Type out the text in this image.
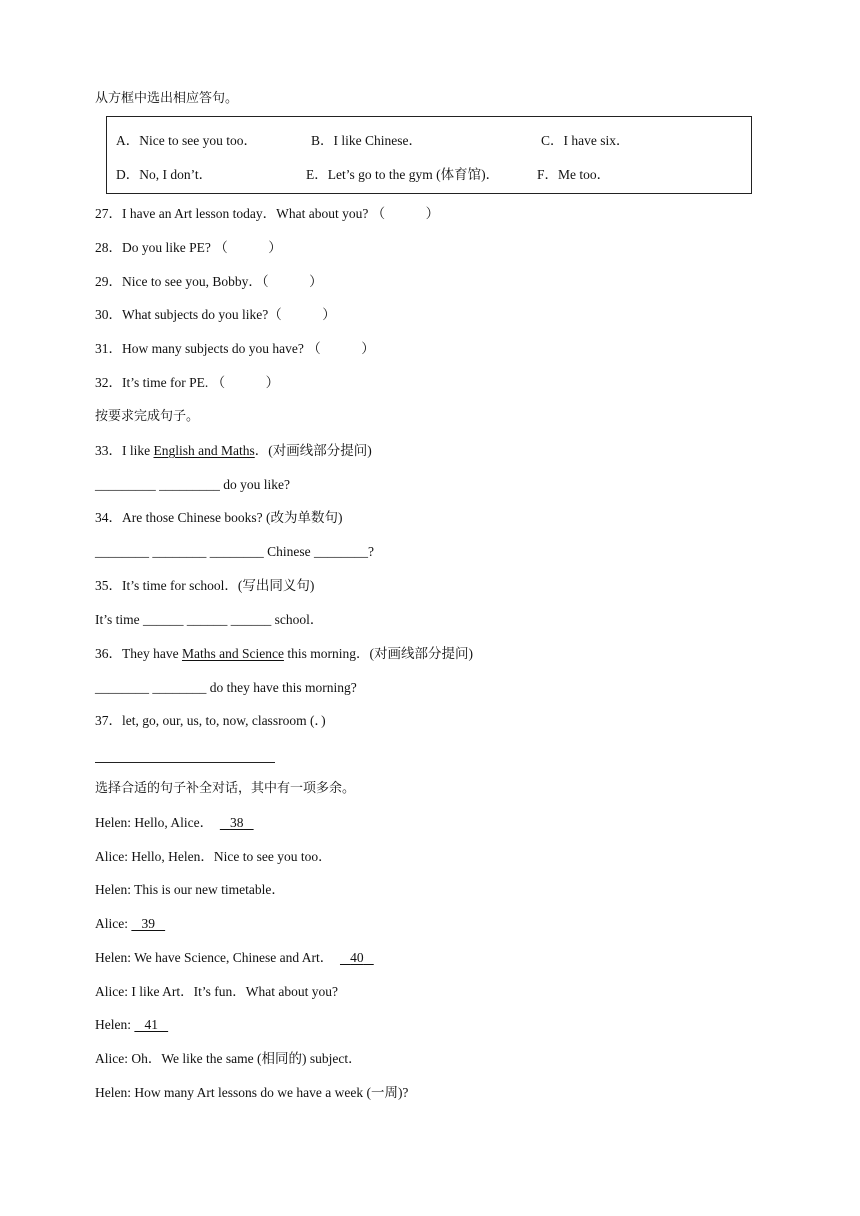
从方框中选出相应答句。
A．Nice to see you too．	B．I like Chinese．	C．I have six．
D．No, I don’t．	E．Let’s go to the gym (体育馆)．	F．Me too．
27．I have an Art lesson today．What about you? （　　　）
28．Do you like PE? （　　　）
29．Nice to see you, Bobby．（　　　）
30．What subjects do you like?（　　　）
31．How many subjects do you have? （　　　）
32．It’s time for PE. （　　　）
按要求完成句子。
33．I like English and Maths．(对画线部分提问)
_________ _________ do you like?
34．Are those Chinese books? (改为单数句)
________ ________ ________ Chinese ________?
35．It’s time for school．(写出同义句)
It’s time ______ ______ ______ school．
36．They have Maths and Science this morning．(对画线部分提问)
________ ________ do they have this morning?
37．let, go, our, us, to, now, classroom (．)
选择合适的句子补全对话，其中有一项多余。
Helen: Hello, Alice． 38
Alice: Hello, Helen．Nice to see you too．
Helen: This is our new timetable．
Alice:    39
Helen: We have Science, Chinese and Art． 40
Alice: I like Art．It’s fun．What about you?
Helen:    41
Alice: Oh．We like the same (相同的) subject．
Helen: How many Art lessons do we have a week (一周)?
